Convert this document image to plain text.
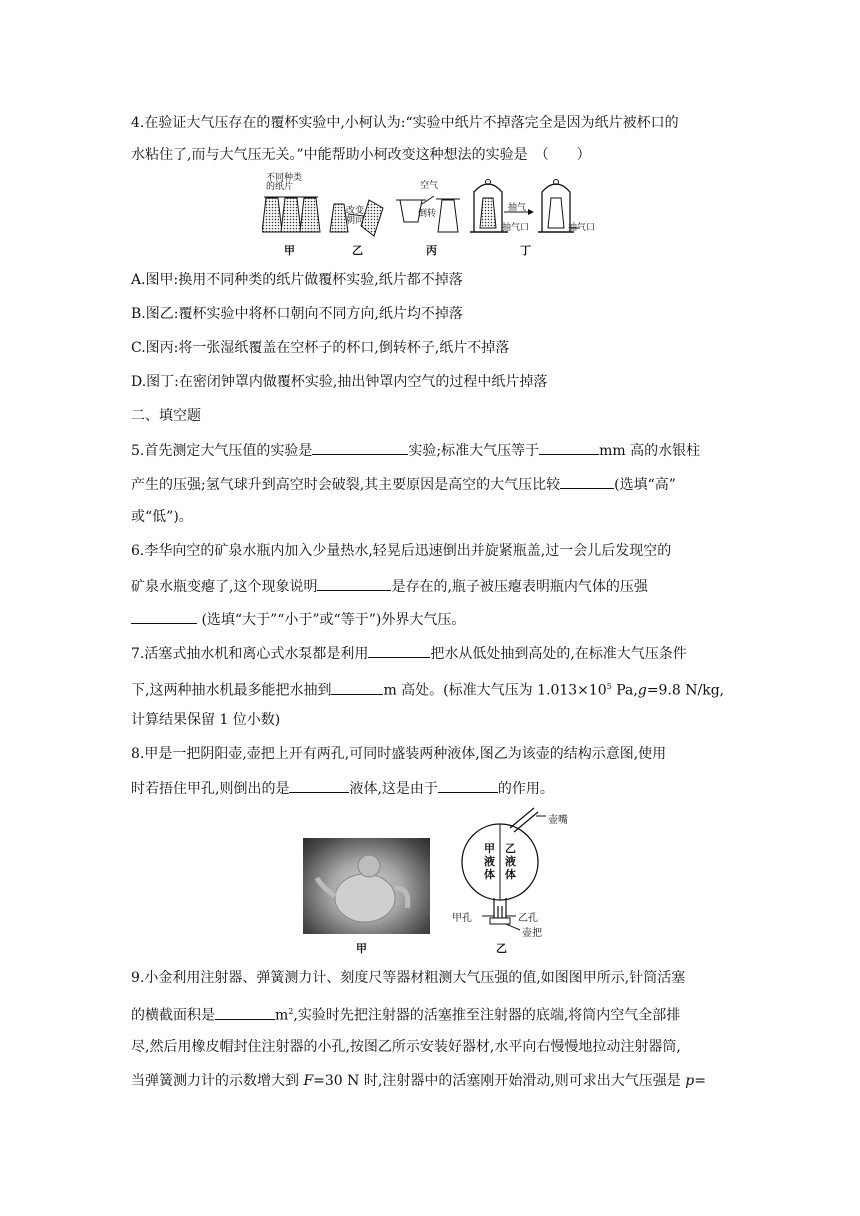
4.在验证大气压存在的覆杯实验中,小柯认为:“实验中纸片不掉落完全是因为纸片被杯口的
水粘住了,而与大气压无关。”中能帮助小柯改变这种想法的实验是　（　　）
不同种类的纸片
改变朝向
空气
倒转
抽气
抽气口	抽气口
甲	乙	丙	丁
A.图甲:换用不同种类的纸片做覆杯实验,纸片都不掉落
B.图乙:覆杯实验中将杯口朝向不同方向,纸片均不掉落
C.图丙:将一张湿纸覆盖在空杯子的杯口,倒转杯子,纸片不掉落
D.图丁:在密闭钟罩内做覆杯实验,抽出钟罩内空气的过程中纸片掉落
二、填空题
5.首先测定大气压值的实验是	实验;标准大气压等于	mm 高的水银柱
产生的压强;氢气球升到高空时会破裂,其主要原因是高空的大气压比较	(选填“高”
或“低”)。
6.李华向空的矿泉水瓶内加入少量热水,轻晃后迅速倒出并旋紧瓶盖,过一会儿后发现空的
矿泉水瓶变瘪了,这个现象说明	是存在的,瓶子被压瘪表明瓶内气体的压强
(选填“大于”“小于”或“等于”)外界大气压。
7.活塞式抽水机和离心式水泵都是利用	把水从低处抽到高处的,在标准大气压条件
下,这两种抽水机最多能把水抽到	m 高处。(标准大气压为 $1.013\times 10^5$ Pa,g=9.8 N/kg,
计算结果保留 1 位小数)
8.甲是一把阴阳壶,壶把上开有两孔,可同时盛装两种液体,图乙为该壶的结构示意图,使用
时若捂住甲孔,则倒出的是	液体,这是由于	的作用。
甲
壶嘴
甲液体
乙液体
甲孔	乙孔
壶把
乙
9.小金利用注射器、弹簧测力计、刻度尺等器材粗测大气压强的值,如图图甲所示,针筒活塞
的横截面积是	$m^2$,实验时先把注射器的活塞推至注射器的底端,将筒内空气全部排
尽,然后用橡皮帽封住注射器的小孔,按图乙所示安装好器材,水平向右慢慢地拉动注射器筒,
当弹簧测力计的示数增大到 F=30 N 时,注射器中的活塞刚开始滑动,则可求出大气压强是 p=
